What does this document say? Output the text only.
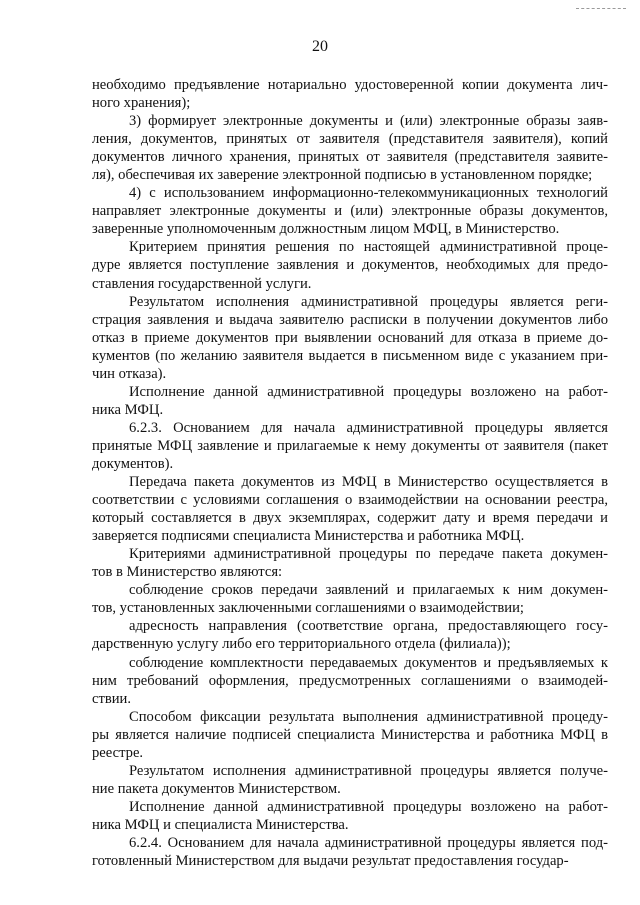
20
необходимо предъявление нотариально удостоверенной копии документа лич-
ного хранения);
3) формирует электронные документы и (или) электронные образы заяв-
ления, документов, принятых от заявителя (представителя заявителя), копий
документов личного хранения, принятых от заявителя (представителя заявите-
ля), обеспечивая их заверение электронной подписью в установленном порядке;
4) с использованием информационно-телекоммуникационных технологий
направляет электронные документы и (или) электронные образы документов,
заверенные уполномоченным должностным лицом МФЦ, в Министерство.
Критерием принятия решения по настоящей административной проце-
дуре является поступление заявления и документов, необходимых для предо-
ставления государственной услуги.
Результатом исполнения административной процедуры является реги-
страция заявления и выдача заявителю расписки в получении документов либо
отказ в приеме документов при выявлении оснований для отказа в приеме до-
кументов (по желанию заявителя выдается в письменном виде с указанием при-
чин отказа).
Исполнение данной административной процедуры возложено на работ-
ника МФЦ.
6.2.3. Основанием для начала административной процедуры является
принятые МФЦ заявление и прилагаемые к нему документы от заявителя (пакет
документов).
Передача пакета документов из МФЦ в Министерство осуществляется в
соответствии с условиями соглашения о взаимодействии на основании реестра,
который составляется в двух экземплярах, содержит дату и время передачи и
заверяется подписями специалиста Министерства и работника МФЦ.
Критериями административной процедуры по передаче пакета докумен-
тов в Министерство являются:
соблюдение сроков передачи заявлений и прилагаемых к ним докумен-
тов, установленных заключенными соглашениями о взаимодействии;
адресность направления (соответствие органа, предоставляющего госу-
дарственную услугу либо его территориального отдела (филиала));
соблюдение комплектности передаваемых документов и предъявляемых к
ним требований оформления, предусмотренных соглашениями о взаимодей-
ствии.
Способом фиксации результата выполнения административной процеду-
ры является наличие подписей специалиста Министерства и работника МФЦ в
реестре.
Результатом исполнения административной процедуры является получе-
ние пакета документов Министерством.
Исполнение данной административной процедуры возложено на работ-
ника МФЦ и специалиста Министерства.
6.2.4. Основанием для начала административной процедуры является под-
готовленный Министерством для выдачи результат предоставления государ-
